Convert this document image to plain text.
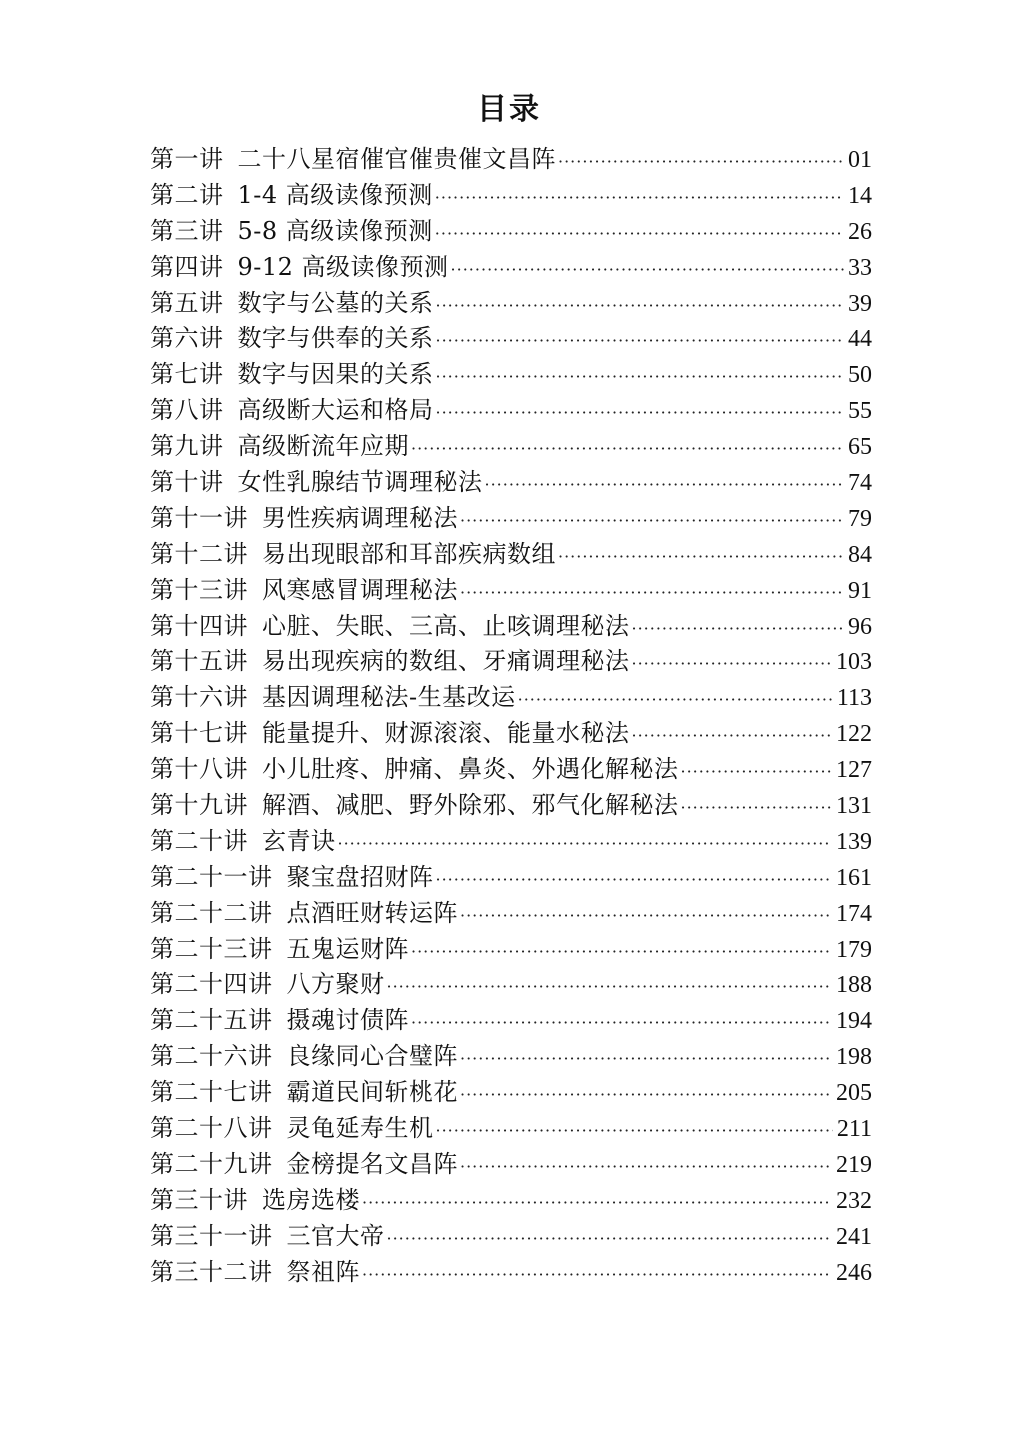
目录
第一讲 二十八星宿催官催贵催文昌阵 ·····	01
第二讲 1-4 高级读像预测 ·····	14
第三讲 5-8 高级读像预测 ·····	26
第四讲 9-12 高级读像预测 ·····	33
第五讲 数字与公墓的关系 ·····	39
第六讲 数字与供奉的关系 ·····	44
第七讲 数字与因果的关系 ·····	50
第八讲 高级断大运和格局 ·····	55
第九讲 高级断流年应期 ·····	65
第十讲 女性乳腺结节调理秘法 ·····	74
第十一讲 男性疾病调理秘法 ·····	79
第十二讲 易出现眼部和耳部疾病数组 ·····	84
第十三讲 风寒感冒调理秘法 ·····	91
第十四讲 心脏、失眠、三高、止咳调理秘法 ·····	96
第十五讲 易出现疾病的数组、牙痛调理秘法 ·····	103
第十六讲 基因调理秘法-生基改运 ·····	113
第十七讲 能量提升、财源滚滚、能量水秘法 ·····	122
第十八讲 小儿肚疼、肿痛、鼻炎、外遇化解秘法 ·····	127
第十九讲 解酒、减肥、野外除邪、邪气化解秘法 ·····	131
第二十讲 玄青诀 ·····	139
第二十一讲 聚宝盘招财阵 ·····	161
第二十二讲 点酒旺财转运阵 ·····	174
第二十三讲 五鬼运财阵 ·····	179
第二十四讲 八方聚财 ·····	188
第二十五讲 摄魂讨债阵 ·····	194
第二十六讲 良缘同心合璧阵 ·····	198
第二十七讲 霸道民间斩桃花 ·····	205
第二十八讲 灵龟延寿生机 ·····	211
第二十九讲 金榜提名文昌阵 ·····	219
第三十讲 选房选楼 ·····	232
第三十一讲 三官大帝 ·····	241
第三十二讲 祭祖阵 ·····	246
